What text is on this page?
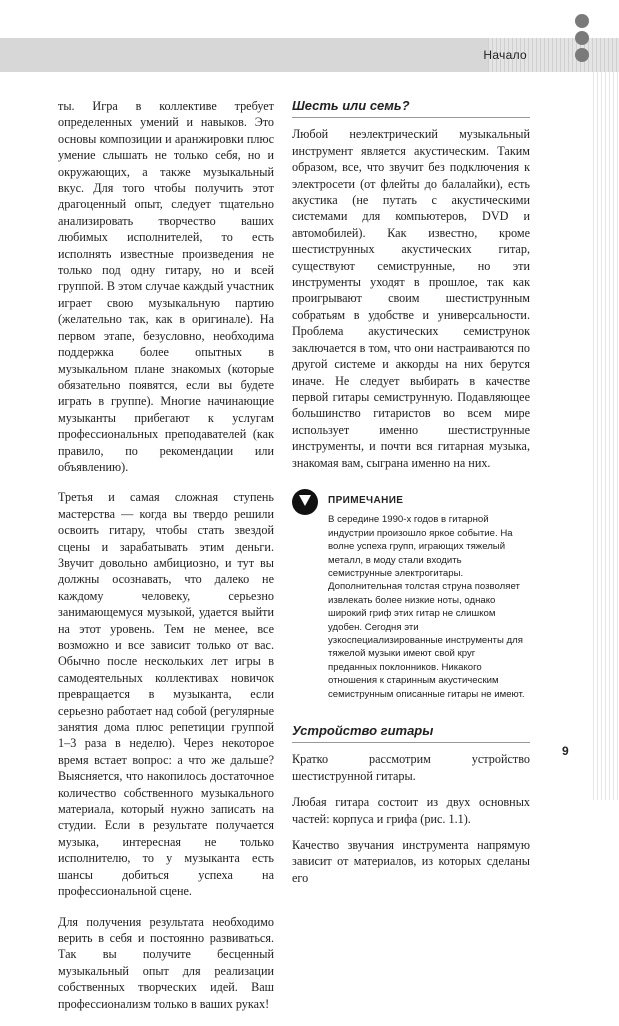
Начало

ты. Игра в коллективе требует определенных умений и навыков. Это основы композиции и аранжировки плюс умение слышать не только себя, но и окружающих, а также музыкальный вкус. Для того чтобы получить этот драгоценный опыт, следует тщательно анализировать творчество ваших любимых исполнителей, то есть исполнять известные произведения не только под одну гитару, но и всей группой. В этом случае каждый участник играет свою музыкальную партию (желательно так, как в оригинале). На первом этапе, безусловно, необходима поддержка более опытных в музыкальном плане знакомых (которые обязательно появятся, если вы будете играть в группе). Многие начинающие музыканты прибегают к услугам профессиональных преподавателей (как правило, по рекомендации или объявлению).

Третья и самая сложная ступень мастерства — когда вы твердо решили освоить гитару, чтобы стать звездой сцены и зарабатывать этим деньги. Звучит довольно амбициозно, и тут вы должны осознавать, что далеко не каждому человеку, серьезно занимающемуся музыкой, удается выйти на этот уровень. Тем не менее, все возможно и все зависит только от вас. Обычно после нескольких лет игры в самодеятельных коллективах новичок превращается в музыканта, если серьезно работает над собой (регулярные занятия дома плюс репетиции группой 1–3 раза в неделю). Через некоторое время встает вопрос: а что же дальше? Выясняется, что накопилось достаточное количество собственного музыкального материала, который нужно записать на студии. Если в результате получается музыка, интересная не только исполнителю, то у музыканта есть шансы добиться успеха на профессиональной сцене.

Для получения результата необходимо верить в себя и постоянно развиваться. Так вы получите бесценный музыкальный опыт для реализации собственных творческих идей. Ваш профессионализм только в ваших руках!

Шесть или семь?

Любой неэлектрический музыкальный инструмент является акустическим. Таким образом, все, что звучит без подключения к электросети (от флейты до балалайки), есть акустика (не путать с акустическими системами для компьютеров, DVD и автомобилей). Как известно, кроме шестиструнных акустических гитар, существуют семиструнные, но эти инструменты уходят в прошлое, так как проигрывают своим шестиструнным собратьям в удобстве и универсальности. Проблема акустических семиструнок заключается в том, что они настраиваются по другой системе и аккорды на них берутся иначе. Не следует выбирать в качестве первой гитары семиструнную. Подавляющее большинство гитаристов во всем мире использует именно шестиструнные инструменты, и почти вся гитарная музыка, знакомая вам, сыграна именно на них.

ПРИМЕЧАНИЕ
В середине 1990-х годов в гитарной индустрии произошло яркое событие. На волне успеха групп, играющих тяжелый металл, в моду стали входить семиструнные электрогитары. Дополнительная толстая струна позволяет извлекать более низкие ноты, однако широкий гриф этих гитар не слишком удобен. Сегодня эти узкоспециализированные инструменты для тяжелой музыки имеют свой круг преданных поклонников. Никакого отношения к старинным акустическим семиструнным описанные гитары не имеют.
Устройство гитары

Кратко рассмотрим устройство шестиструнной гитары.

Любая гитара состоит из двух основных частей: корпуса и грифа (рис. 1.1).

Качество звучания инструмента напрямую зависит от материалов, из которых сделаны его

9
